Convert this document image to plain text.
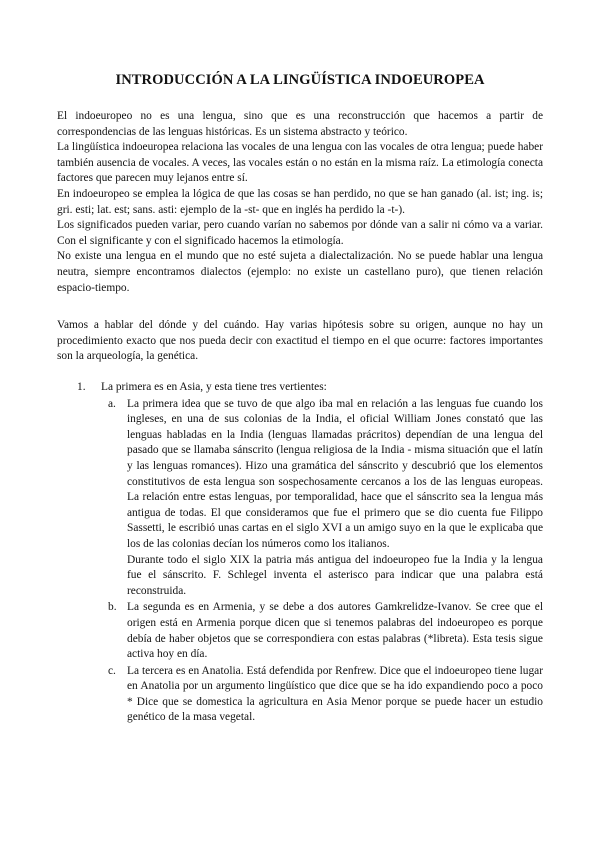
INTRODUCCIÓN A LA LINGÜÍSTICA INDOEUROPEA

El indoeuropeo no es una lengua, sino que es una reconstrucción que hacemos a partir de correspondencias de las lenguas históricas. Es un sistema abstracto y teórico.

La lingüística indoeuropea relaciona las vocales de una lengua con las vocales de otra lengua; puede haber también ausencia de vocales. A veces, las vocales están o no están en la misma raíz. La etimología conecta factores que parecen muy lejanos entre sí.

En indoeuropeo se emplea la lógica de que las cosas se han perdido, no que se han ganado (al. ist; ing. is; gri. esti; lat. est; sans. asti: ejemplo de la -st- que en inglés ha perdido la -t-).

Los significados pueden variar, pero cuando varían no sabemos por dónde van a salir ni cómo va a variar. Con el significante y con el significado hacemos la etimología.

No existe una lengua en el mundo que no esté sujeta a dialectalización. No se puede hablar una lengua neutra, siempre encontramos dialectos (ejemplo: no existe un castellano puro), que tienen relación espacio-tiempo.

Vamos a hablar del dónde y del cuándo. Hay varias hipótesis sobre su origen, aunque no hay un procedimiento exacto que nos pueda decir con exactitud el tiempo en el que ocurre: factores importantes son la arqueología, la genética.

1. La primera es en Asia, y esta tiene tres vertientes:
a. La primera idea que se tuvo de que algo iba mal en relación a las lenguas fue cuando los ingleses, en una de sus colonias de la India, el oficial William Jones constató que las lenguas habladas en la India (lenguas llamadas prácritos) dependían de una lengua del pasado que se llamaba sánscrito (lengua religiosa de la India - misma situación que el latín y las lenguas romances). Hizo una gramática del sánscrito y descubrió que los elementos constitutivos de esta lengua son sospechosamente cercanos a los de las lenguas europeas. La relación entre estas lenguas, por temporalidad, hace que el sánscrito sea la lengua más antigua de todas. El que consideramos que fue el primero que se dio cuenta fue Filippo Sassetti, le escribió unas cartas en el siglo XVI a un amigo suyo en la que le explicaba que los de las colonias decían los números como los italianos.

Durante todo el siglo XIX la patria más antigua del indoeuropeo fue la India y la lengua fue el sánscrito. F. Schlegel inventa el asterisco para indicar que una palabra está reconstruida.

b. La segunda es en Armenia, y se debe a dos autores Gamkrelidze-Ivanov. Se cree que el origen está en Armenia porque dicen que si tenemos palabras del indoeuropeo es porque debía de haber objetos que se correspondiera con estas palabras (*libreta). Esta tesis sigue activa hoy en día.

c. La tercera es en Anatolia. Está defendida por Renfrew. Dice que el indoeuropeo tiene lugar en Anatolia por un argumento lingüístico que dice que se ha ido expandiendo poco a poco * Dice que se domestica la agricultura en Asia Menor porque se puede hacer un estudio genético de la masa vegetal.
